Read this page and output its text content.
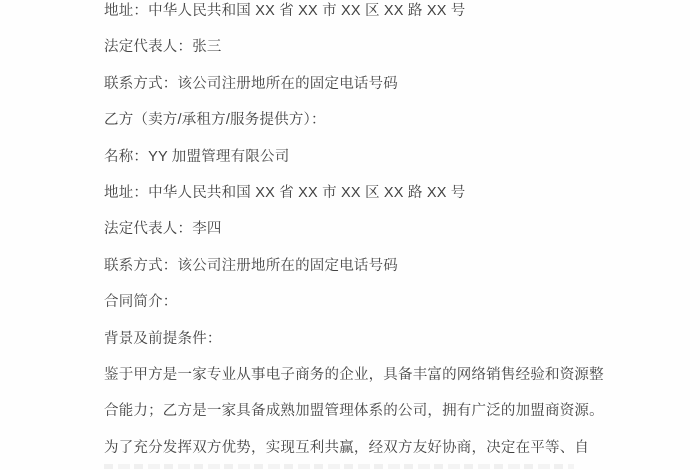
地址：中华人民共和国 XX 省 XX 市 XX 区 XX 路 XX 号

法定代表人：张三

联系方式：该公司注册地所在的固定电话号码

乙方（卖方/承租方/服务提供方）：

名称：YY 加盟管理有限公司

地址：中华人民共和国 XX 省 XX 市 XX 区 XX 路 XX 号

法定代表人：李四

联系方式：该公司注册地所在的固定电话号码

合同简介：

背景及前提条件：

鉴于甲方是一家专业从事电子商务的企业，具备丰富的网络销售经验和资源整

合能力；乙方是一家具备成熟加盟管理体系的公司，拥有广泛的加盟商资源。

为了充分发挥双方优势，实现互利共赢，经双方友好协商，决定在平等、自
